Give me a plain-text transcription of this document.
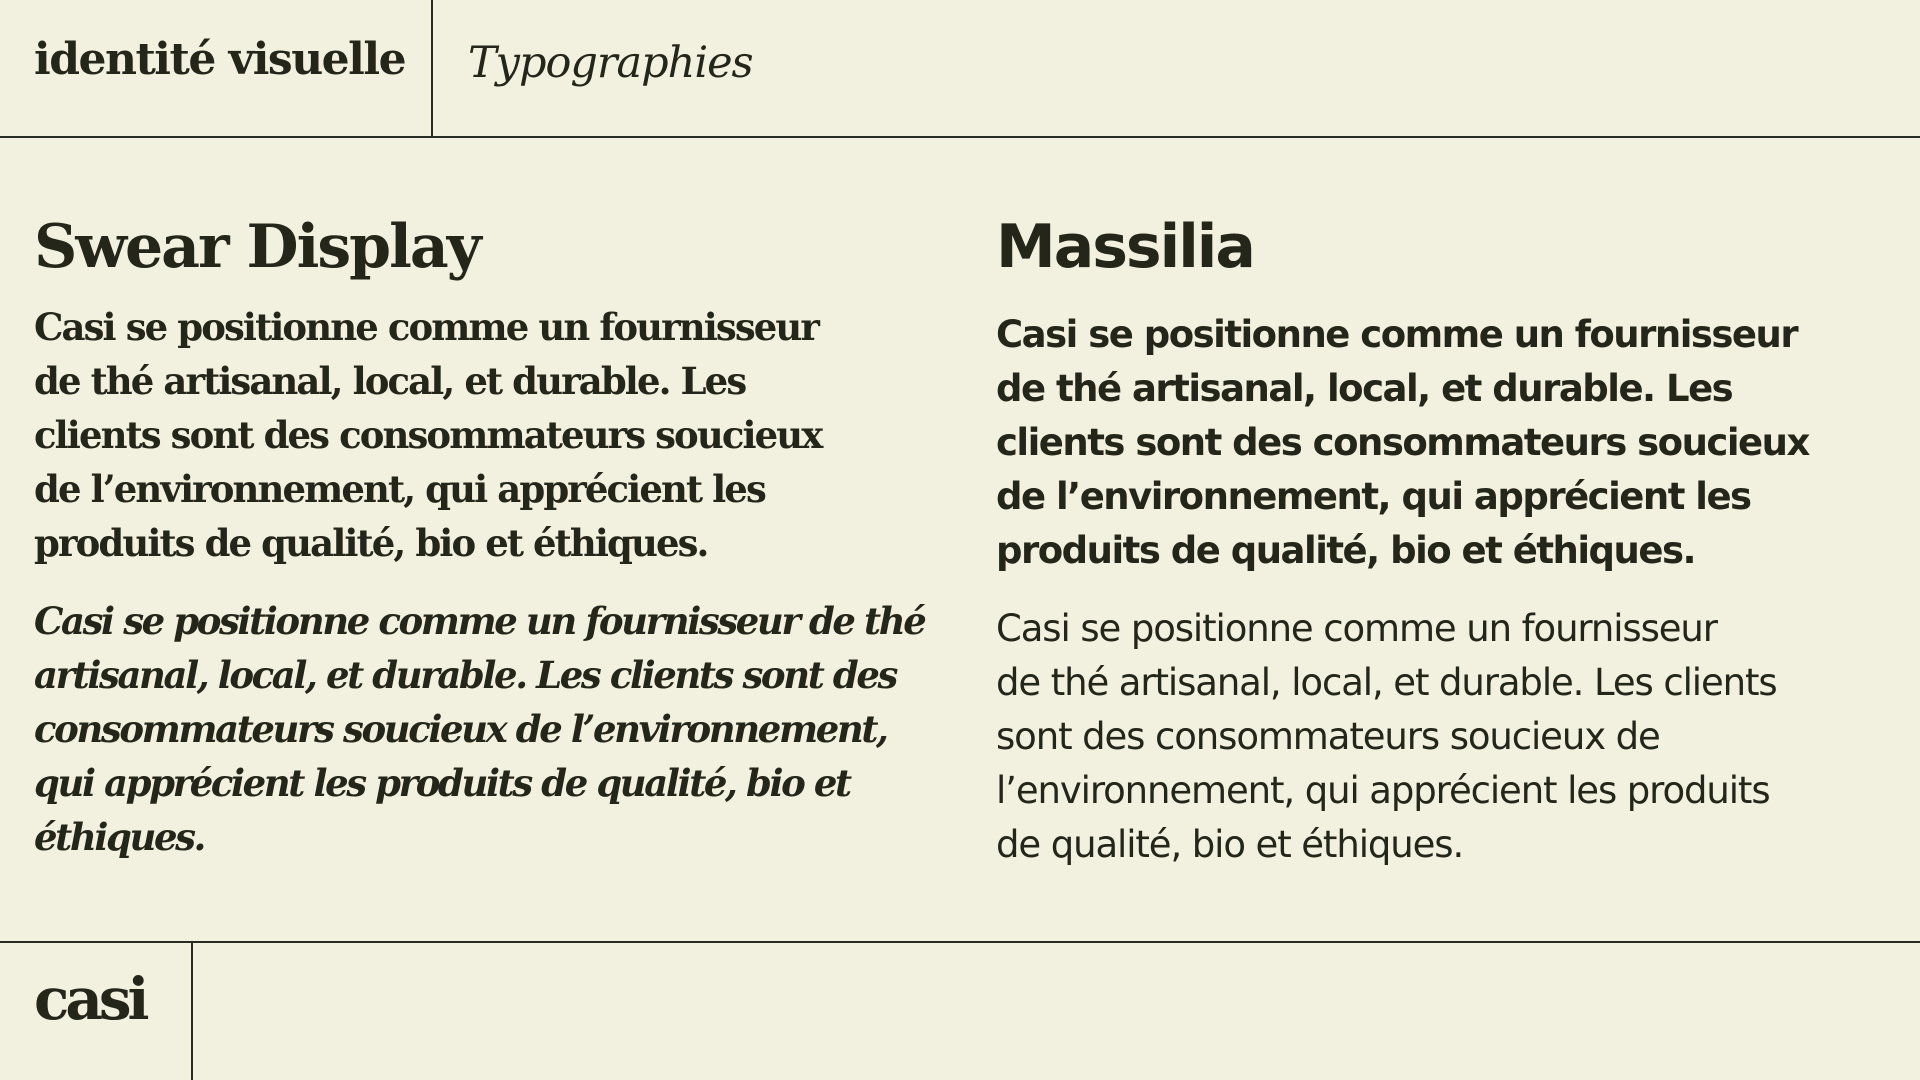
identité visuelle Typographies
Swear Display

Casi se positionne comme un fournisseur
de thé artisanal, local, et durable. Les
clients sont des consommateurs soucieux
de l’environnement, qui apprécient les
produits de qualité, bio et éthiques.

Casi se positionne comme un fournisseur de thé
artisanal, local, et durable. Les clients sont des
consommateurs soucieux de l’environnement,
qui apprécient les produits de qualité, bio et
éthiques.

Massilia

Casi se positionne comme un fournisseur
de thé artisanal, local, et durable. Les
clients sont des consommateurs soucieux
de l’environnement, qui apprécient les
produits de qualité, bio et éthiques.

Casi se positionne comme un fournisseur
de thé artisanal, local, et durable. Les clients
sont des consommateurs soucieux de
l’environnement, qui apprécient les produits
de qualité, bio et éthiques.

casi
